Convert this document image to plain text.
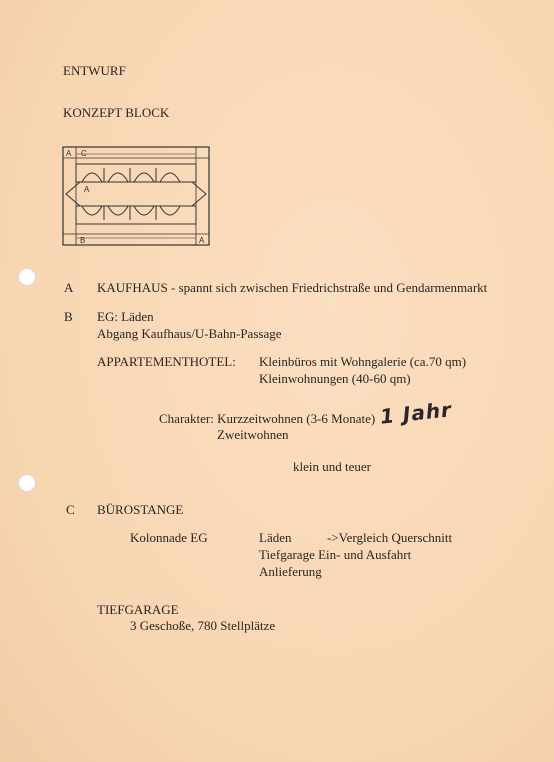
ENTWURF
KONZEPT BLOCK
A C
A
B	A
A KAUFHAUS - spannt sich zwischen Friedrichstraße und Gendarmenmarkt
B EG: Läden
Abgang Kaufhaus/U-Bahn-Passage
APPARTEMENTHOTEL: Kleinbüros mit Wohngalerie (ca.70 qm)
Kleinwohnungen (40-60 qm)
Charakter: Kurzzeitwohnen (3-6 Monate)
Zweitwohnen
1 Jahr
klein und teuer
C BÜROSTANGE
Kolonnade EG	Läden	->Vergleich Querschnitt
Tiefgarage Ein- und Ausfahrt
Anlieferung
TIEFGARAGE
3 Geschoße, 780 Stellplätze
